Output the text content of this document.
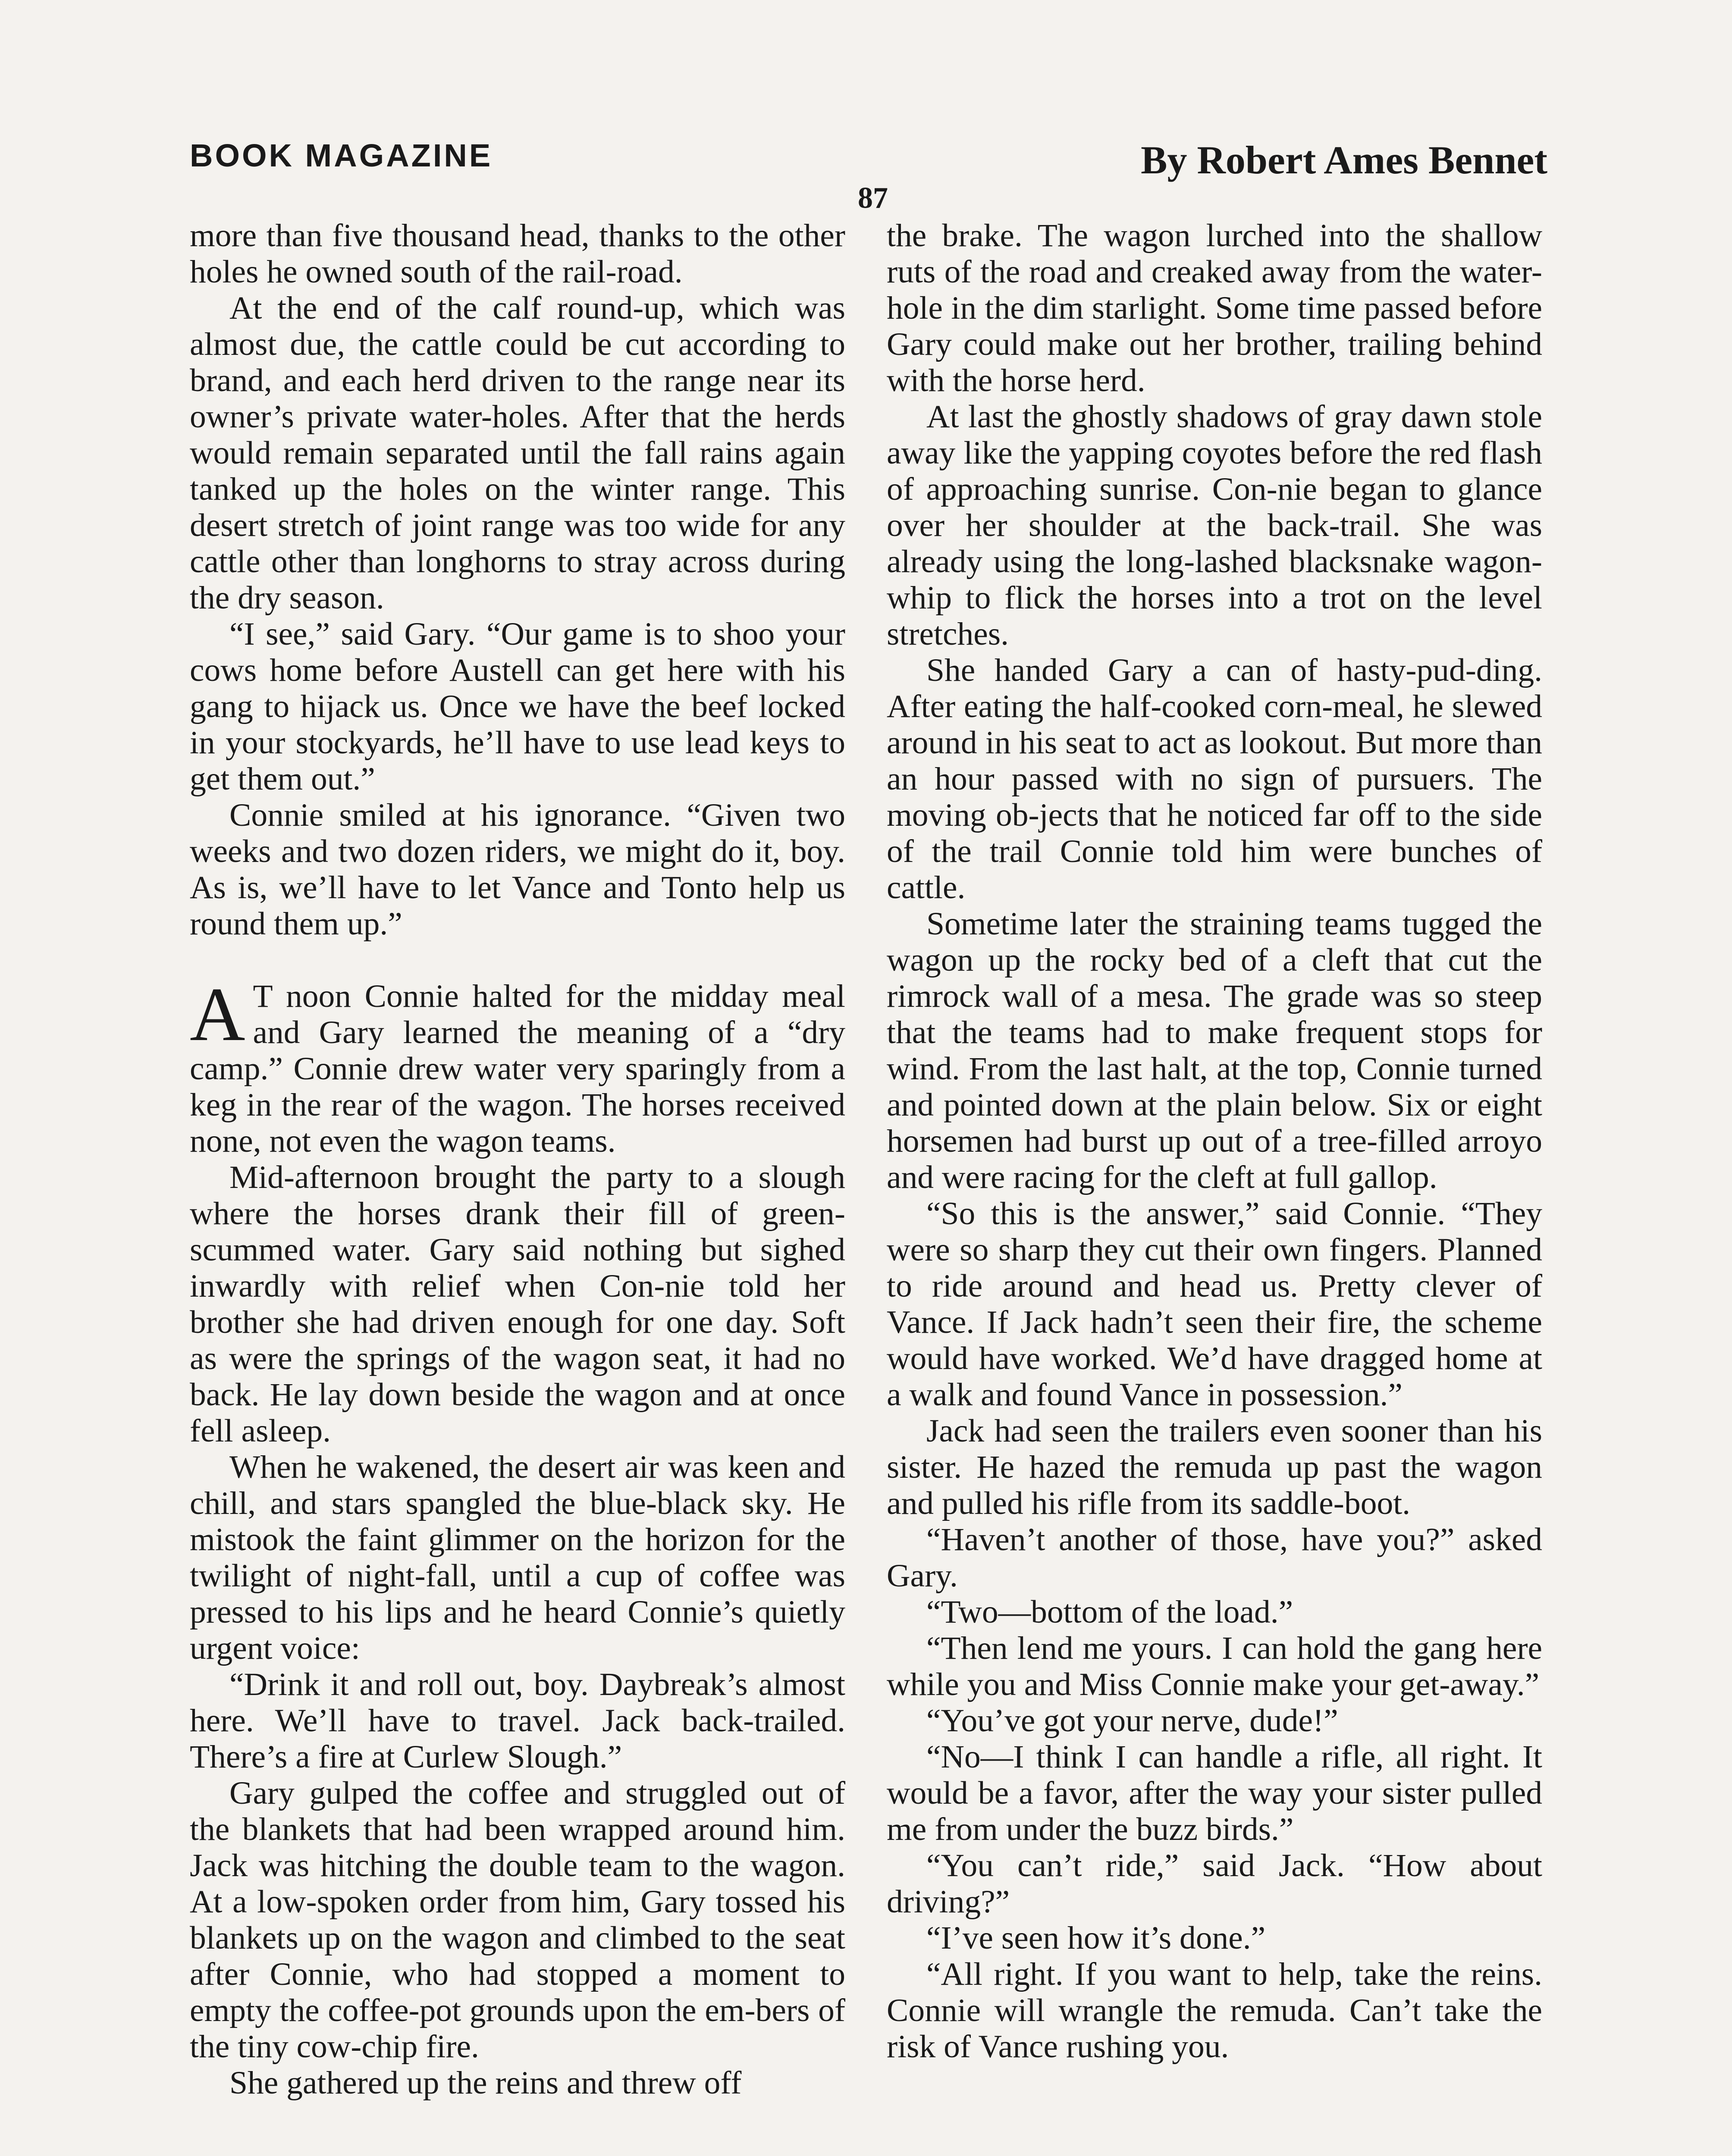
BOOK MAGAZINE
87
By Robert Ames Bennet

more than five thousand head, thanks to the other holes he owned south of the rail-road.

At the end of the calf round-up, which was almost due, the cattle could be cut according to brand, and each herd driven to the range near its owner’s private water-holes. After that the herds would remain separated until the fall rains again tanked up the holes on the winter range. This desert stretch of joint range was too wide for any cattle other than longhorns to stray across during the dry season.

“I see,” said Gary. “Our game is to shoo your cows home before Austell can get here with his gang to hijack us. Once we have the beef locked in your stockyards, he’ll have to use lead keys to get them out.”

Connie smiled at his ignorance. “Given two weeks and two dozen riders, we might do it, boy. As is, we’ll have to let Vance and Tonto help us round them up.”

A T noon Connie halted for the midday meal and Gary learned the meaning of a “dry camp.” Connie drew water very sparingly from a keg in the rear of the wagon. The horses received none, not even the wagon teams.

Mid-afternoon brought the party to a slough where the horses drank their fill of green-scummed water. Gary said nothing but sighed inwardly with relief when Con-nie told her brother she had driven enough for one day. Soft as were the springs of the wagon seat, it had no back. He lay down beside the wagon and at once fell asleep.

When he wakened, the desert air was keen and chill, and stars spangled the blue-black sky. He mistook the faint glimmer on the horizon for the twilight of night-fall, until a cup of coffee was pressed to his lips and he heard Connie’s quietly urgent voice:

“Drink it and roll out, boy. Daybreak’s almost here. We’ll have to travel. Jack back-trailed. There’s a fire at Curlew Slough.”

Gary gulped the coffee and struggled out of the blankets that had been wrapped around him. Jack was hitching the double team to the wagon. At a low-spoken order from him, Gary tossed his blankets up on the wagon and climbed to the seat after Connie, who had stopped a moment to empty the coffee-pot grounds upon the em-bers of the tiny cow-chip fire.

She gathered up the reins and threw off

the brake. The wagon lurched into the shallow ruts of the road and creaked away from the water-hole in the dim starlight. Some time passed before Gary could make out her brother, trailing behind with the horse herd.

At last the ghostly shadows of gray dawn stole away like the yapping coyotes before the red flash of approaching sunrise. Con-nie began to glance over her shoulder at the back-trail. She was already using the long-lashed blacksnake wagon-whip to flick the horses into a trot on the level stretches.

She handed Gary a can of hasty-pud-ding. After eating the half-cooked corn-meal, he slewed around in his seat to act as lookout. But more than an hour passed with no sign of pursuers. The moving ob-jects that he noticed far off to the side of the trail Connie told him were bunches of cattle.

Sometime later the straining teams tugged the wagon up the rocky bed of a cleft that cut the rimrock wall of a mesa. The grade was so steep that the teams had to make frequent stops for wind. From the last halt, at the top, Connie turned and pointed down at the plain below. Six or eight horsemen had burst up out of a tree-filled arroyo and were racing for the cleft at full gallop.

“So this is the answer,” said Connie. “They were so sharp they cut their own fingers. Planned to ride around and head us. Pretty clever of Vance. If Jack hadn’t seen their fire, the scheme would have worked. We’d have dragged home at a walk and found Vance in possession.”

Jack had seen the trailers even sooner than his sister. He hazed the remuda up past the wagon and pulled his rifle from its saddle-boot.

“Haven’t another of those, have you?” asked Gary.

“Two—bottom of the load.”

“Then lend me yours. I can hold the gang here while you and Miss Connie make your get-away.”

“You’ve got your nerve, dude!”

“No—I think I can handle a rifle, all right. It would be a favor, after the way your sister pulled me from under the buzz birds.”

“You can’t ride,” said Jack. “How about driving?”

“I’ve seen how it’s done.”

“All right. If you want to help, take the reins. Connie will wrangle the remuda. Can’t take the risk of Vance rushing you.
